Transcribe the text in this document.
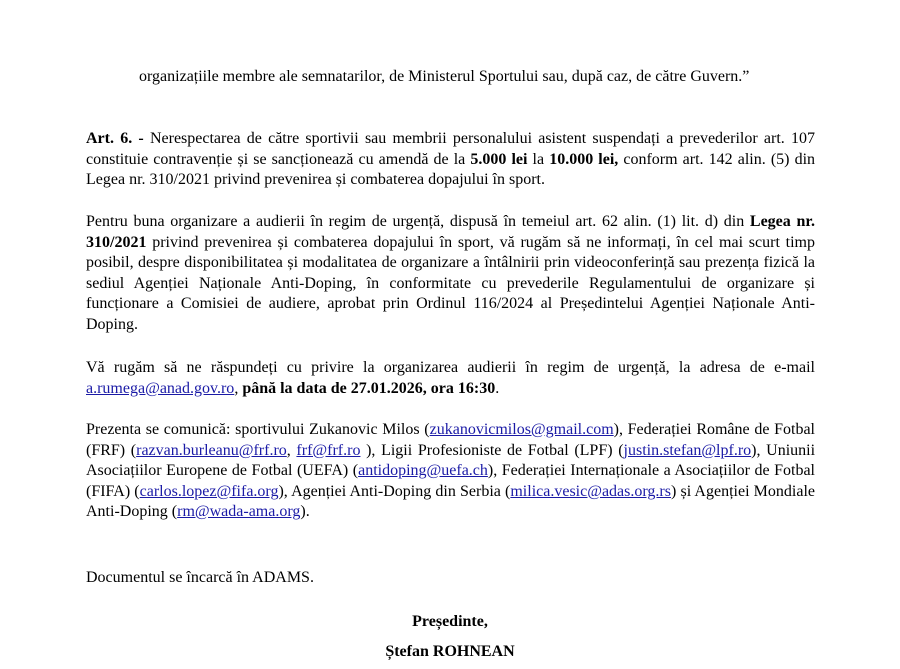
organizațiile membre ale semnatarilor, de Ministerul Sportului sau, după caz, de către Guvern.”

Art. 6. - Nerespectarea de către sportivii sau membrii personalului asistent suspendați a prevederilor art. 107 constituie contravenție și se sancționează cu amendă de la 5.000 lei la 10.000 lei, conform art. 142 alin. (5) din Legea nr. 310/2021 privind prevenirea și combaterea dopajului în sport.

Pentru buna organizare a audierii în regim de urgență, dispusă în temeiul art. 62 alin. (1) lit. d) din Legea nr. 310/2021 privind prevenirea și combaterea dopajului în sport, vă rugăm să ne informați, în cel mai scurt timp posibil, despre disponibilitatea și modalitatea de organizare a întâlnirii prin videoconferință sau prezența fizică la sediul Agenției Naționale Anti-Doping, în conformitate cu prevederile Regulamentului de organizare și funcționare a Comisiei de audiere, aprobat prin Ordinul 116/2024 al Președintelui Agenției Naționale Anti-Doping.

Vă rugăm să ne răspundeți cu privire la organizarea audierii în regim de urgență, la adresa de e-mail a.rumega@anad.gov.ro, până la data de 27.01.2026, ora 16:30.

Prezenta se comunică: sportivului Zukanovic Milos (zukanovicmilos@gmail.com), Federației Române de Fotbal (FRF) (razvan.burleanu@frf.ro, frf@frf.ro ), Ligii Profesioniste de Fotbal (LPF) (justin.stefan@lpf.ro), Uniunii Asociațiilor Europene de Fotbal (UEFA) (antidoping@uefa.ch), Federației Internaționale a Asociațiilor de Fotbal (FIFA) (carlos.lopez@fifa.org), Agenției Anti-Doping din Serbia (milica.vesic@adas.org.rs) și Agenției Mondiale Anti-Doping (rm@wada-ama.org).

Documentul se încarcă în ADAMS.

Președinte,
Ștefan ROHNEAN
